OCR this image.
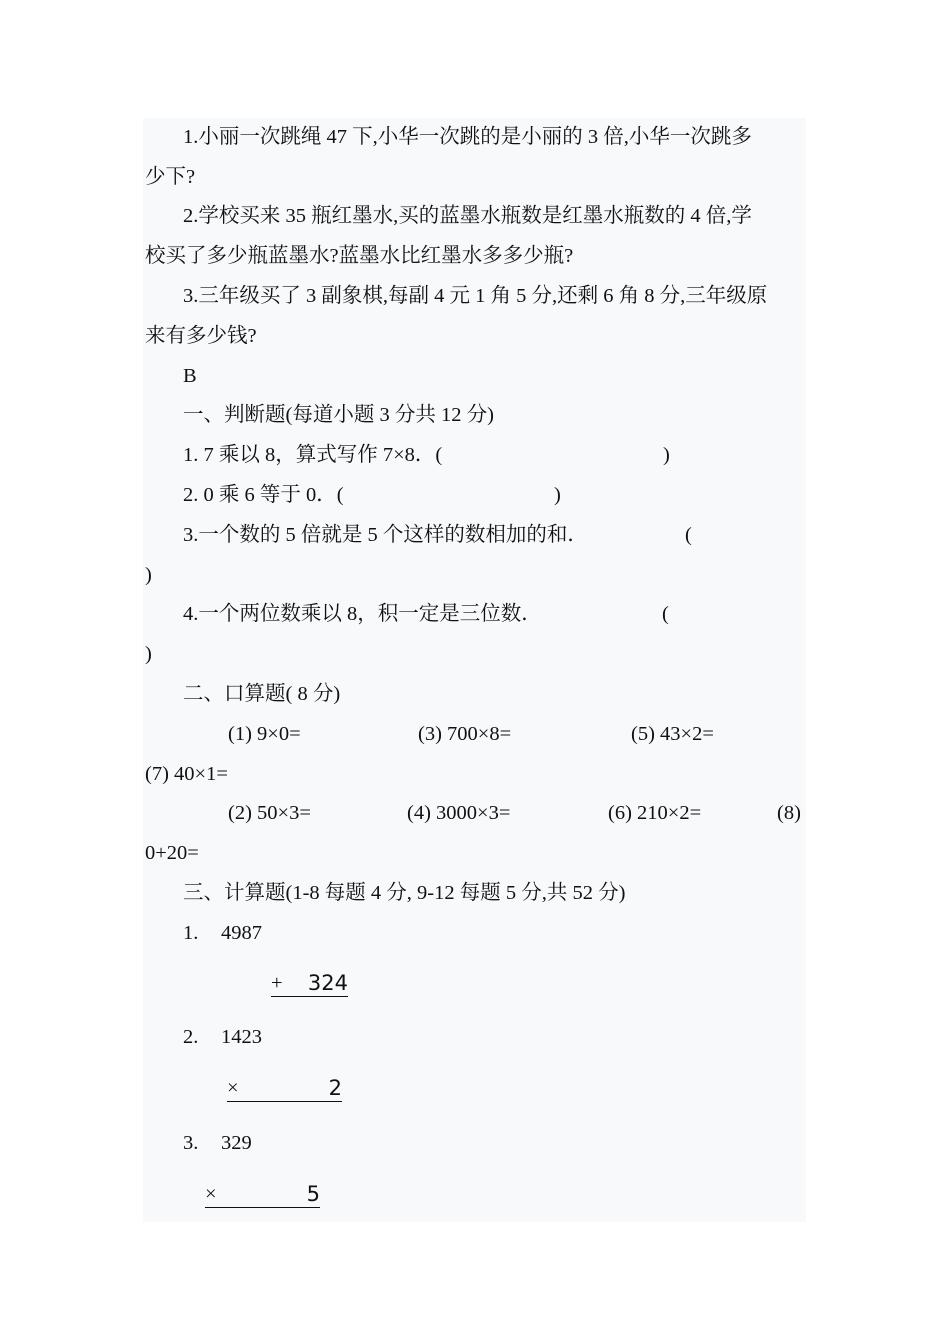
1.小丽一次跳绳 47 下,小华一次跳的是小丽的 3 倍,小华一次跳多
少下?
2.学校买来 35 瓶红墨水,买的蓝墨水瓶数是红墨水瓶数的 4 倍,学
校买了多少瓶蓝墨水?蓝墨水比红墨水多多少瓶?
3.三年级买了 3 副象棋,每副 4 元 1 角 5 分,还剩 6 角 8 分,三年级原
来有多少钱?
B
一、判断题(每道小题 3 分共 12 分)
1. 7 乘以 8，算式写作 7×8．(	)
2. 0 乘 6 等于 0．(	)
3.一个数的 5 倍就是 5 个这样的数相加的和．	(
)
4.一个两位数乘以 8，积一定是三位数．	(
)
二、口算题( 8 分)
(1) 9×0=	(3) 700×8=	(5) 43×2=
(7) 40×1=
(2) 50×3=	(4) 3000×3=	(6) 210×2=	(8)
0+20=
三、计算题(1-8 每题 4 分, 9-12 每题 5 分,共 52 分)
1. 4987
+ 324
2. 1423
×	2
3. 329
×	5
